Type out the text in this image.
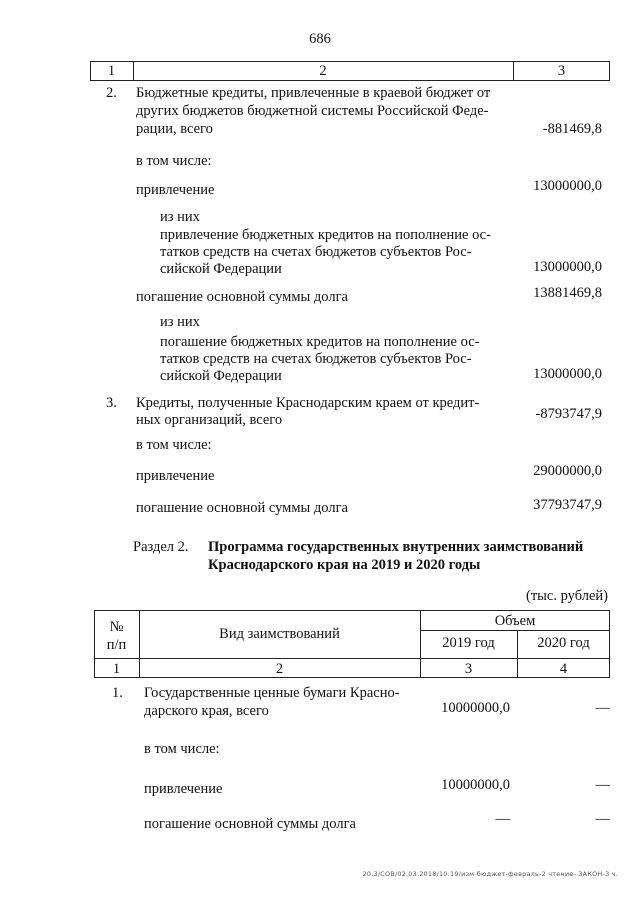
686
1	2	3
2. Бюджетные кредиты, привлеченные в краевой бюджет от
других бюджетов бюджетной системы Российской Феде-
рации, всего	-881469,8
в том числе:
привлечение	13000000,0
из них
привлечение бюджетных кредитов на пополнение ос-
татков средств на счетах бюджетов субъектов Рос-
сийской Федерации	13000000,0
погашение основной суммы долга	13881469,8
из них
погашение бюджетных кредитов на пополнение ос-
татков средств на счетах бюджетов субъектов Рос-
сийской Федерации	13000000,0
3. Кредиты, полученные Краснодарским краем от кредит-
ных организаций, всего	-8793747,9
в том числе:
привлечение	29000000,0
погашение основной суммы долга	37793747,9
Раздел 2. Программа государственных внутренних заимствований
Краснодарского края на 2019 и 2020 годы
(тыс. рублей)
№
п/п
Вид заимствований
Объем
2019 год	2020 год
1	2	3	4
1. Государственные ценные бумаги Красно-
дарского края, всего	10000000,0	—
в том числе:
привлечение	10000000,0	—
погашение основной суммы долга	—	—
20.3/СОВ/02.03.2018/10:19/изм-бюджет-февраль-2 чтение- ЗАКОН-3 ч.
